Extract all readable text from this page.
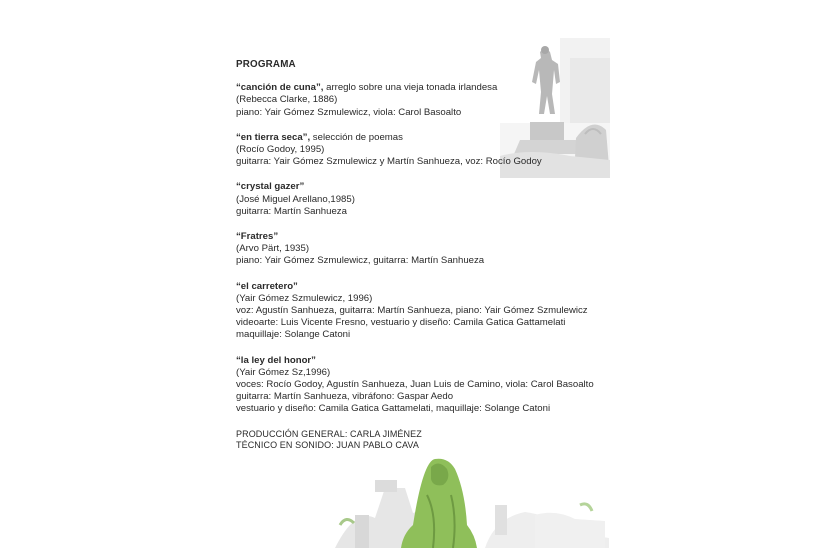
PROGRAMA
“canción de cuna”, arreglo sobre una vieja tonada irlandesa
(Rebecca Clarke, 1886)
piano: Yair Gómez Szmulewicz, viola: Carol Basoalto
“en tierra seca”, selección de poemas
(Rocío Godoy, 1995)
guitarra: Yair Gómez Szmulewicz y Martín Sanhueza, voz: Rocío Godoy
“crystal gazer”
(José Miguel Arellano,1985)
guitarra: Martín Sanhueza
“Fratres”
(Arvo Pärt, 1935)
piano: Yair Gómez Szmulewicz, guitarra: Martín Sanhueza
“el carretero”
(Yair Gómez Szmulewicz, 1996)
voz: Agustín Sanhueza, guitarra: Martín Sanhueza, piano: Yair Gómez Szmulewicz
videoarte: Luis Vicente Fresno, vestuario y diseño: Camila Gatica Gattamelati
maquillaje: Solange Catoni
“la ley del honor”
(Yair Gómez Sz,1996)
voces: Rocío Godoy, Agustín Sanhueza, Juan Luis de Camino, viola: Carol Basoalto
guitarra: Martín Sanhueza, vibráfono: Gaspar Aedo
vestuario y diseño: Camila Gatica Gattamelati, maquillaje: Solange Catoni
PRODUCCIÓN GENERAL: CARLA JIMÉNEZ
TÉCNICO EN SONIDO: JUAN PABLO CAVA
